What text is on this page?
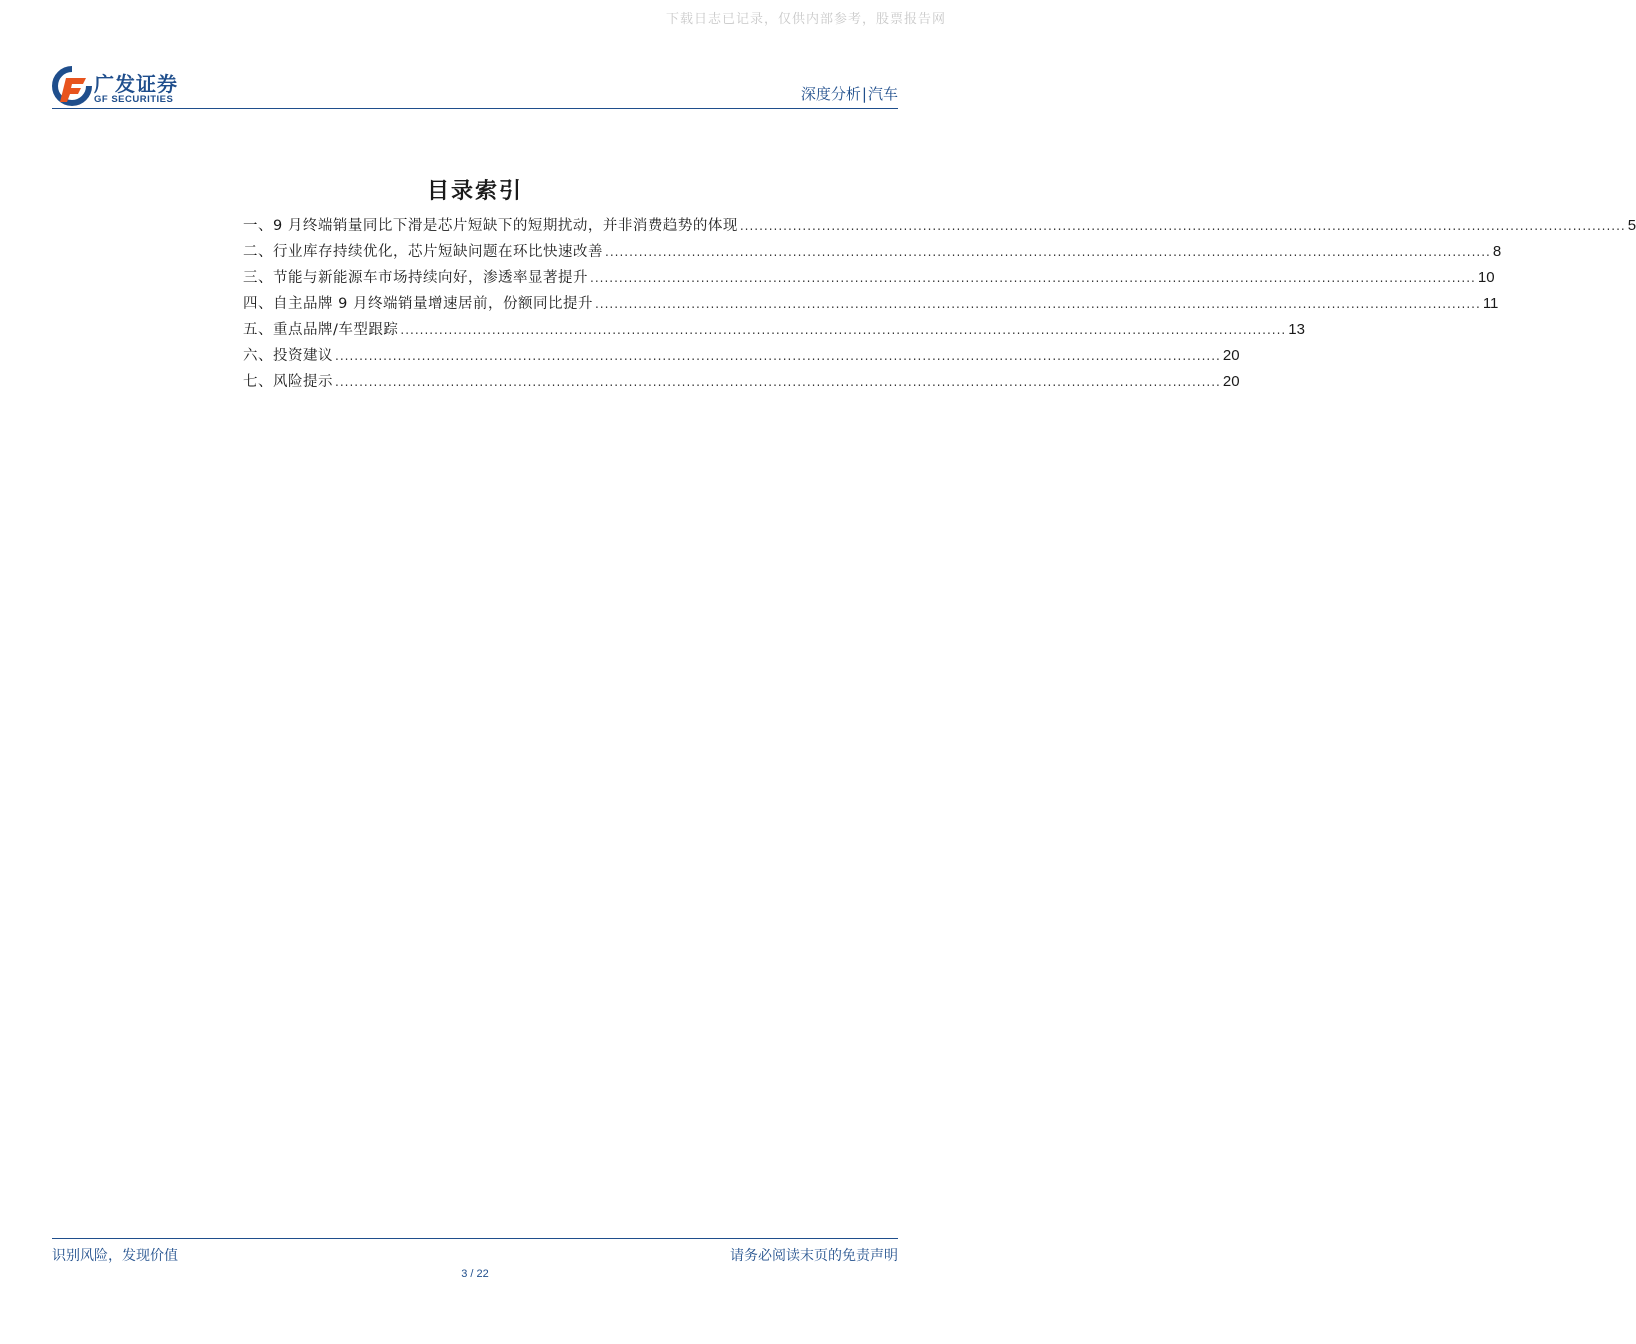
下载日志已记录，仅供内部参考，股票报告网
广发证券
GF SECURITIES	深度分析|汽车
目录索引
一、9 月终端销量同比下滑是芯片短缺下的短期扰动，并非消费趋势的体现 ........................................................................................................................................................................................ 5
二、行业库存持续优化，芯片短缺问题在环比快速改善 ........................................................................................................................................................................................ 8
三、节能与新能源车市场持续向好，渗透率显著提升 ........................................................................................................................................................................................ 10
四、自主品牌 9 月终端销量增速居前，份额同比提升 ........................................................................................................................................................................................ 11
五、重点品牌/车型跟踪 ........................................................................................................................................................................................ 13
六、投资建议 ........................................................................................................................................................................................ 20
七、风险提示 ........................................................................................................................................................................................ 20
识别风险，发现价值	请务必阅读末页的免责声明
3 / 22
